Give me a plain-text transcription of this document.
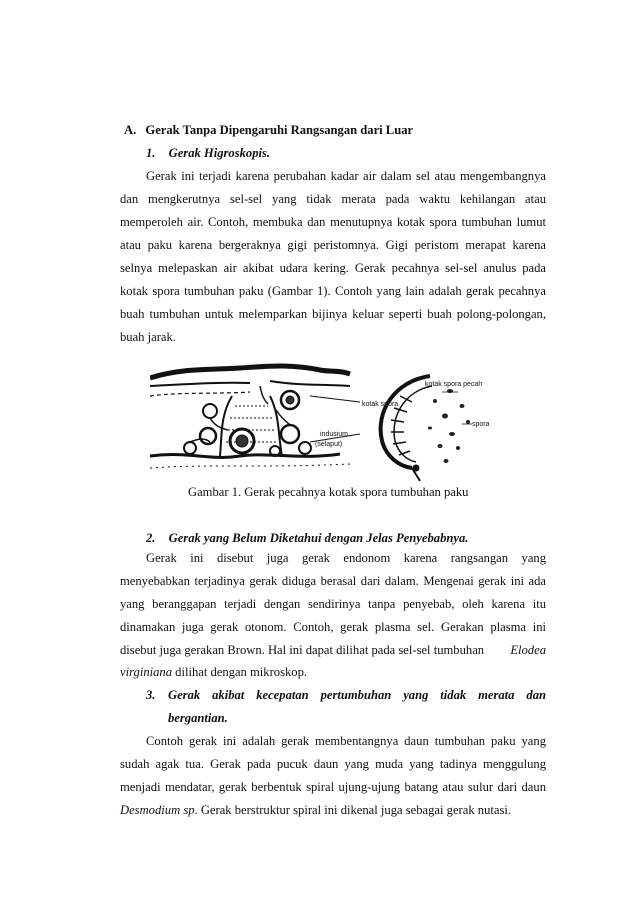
A. Gerak Tanpa Dipengaruhi Rangsangan dari Luar
1. Gerak Higroskopis.
Gerak ini terjadi karena perubahan kadar air dalam sel atau mengembangnya
dan mengkerutnya sel-sel yang tidak merata pada waktu kehilangan atau
memperoleh air. Contoh, membuka dan menutupnya kotak spora tumbuhan lumut
atau paku karena bergeraknya gigi peristomnya. Gigi peristom merapat karena
selnya melepaskan air akibat udara kering. Gerak pecahnya sel-sel anulus pada
kotak spora tumbuhan paku (Gambar 1). Contoh yang lain adalah gerak pecahnya
buah tumbuhan untuk melemparkan bijinya keluar seperti buah polong-polongan,
buah jarak.
kotak spora
indusium
(selaput)
kotak spora pecah
spora
Gambar 1. Gerak pecahnya kotak spora tumbuhan paku
2. Gerak yang Belum Diketahui dengan Jelas Penyebabnya.
Gerak ini disebut juga gerak endonom karena rangsangan yang
menyebabkan terjadinya gerak diduga berasal dari dalam. Mengenai gerak ini ada
yang beranggapan terjadi dengan sendirinya tanpa penyebab, oleh karena itu
dinamakan juga gerak otonom. Contoh, gerak plasma sel. Gerakan plasma ini
disebut juga gerakan Brown. Hal ini dapat dilihat pada sel-sel tumbuhan Elodea
virginiana dilihat dengan mikroskop.
3. Gerak akibat kecepatan pertumbuhan yang tidak merata dan
bergantian.
Contoh gerak ini adalah gerak membentangnya daun tumbuhan paku yang
sudah agak tua. Gerak pada pucuk daun yang muda yang tadinya menggulung
menjadi mendatar, gerak berbentuk spiral ujung-ujung batang atau sulur dari daun
Desmodium sp. Gerak berstruktur spiral ini dikenal juga sebagai gerak nutasi.
